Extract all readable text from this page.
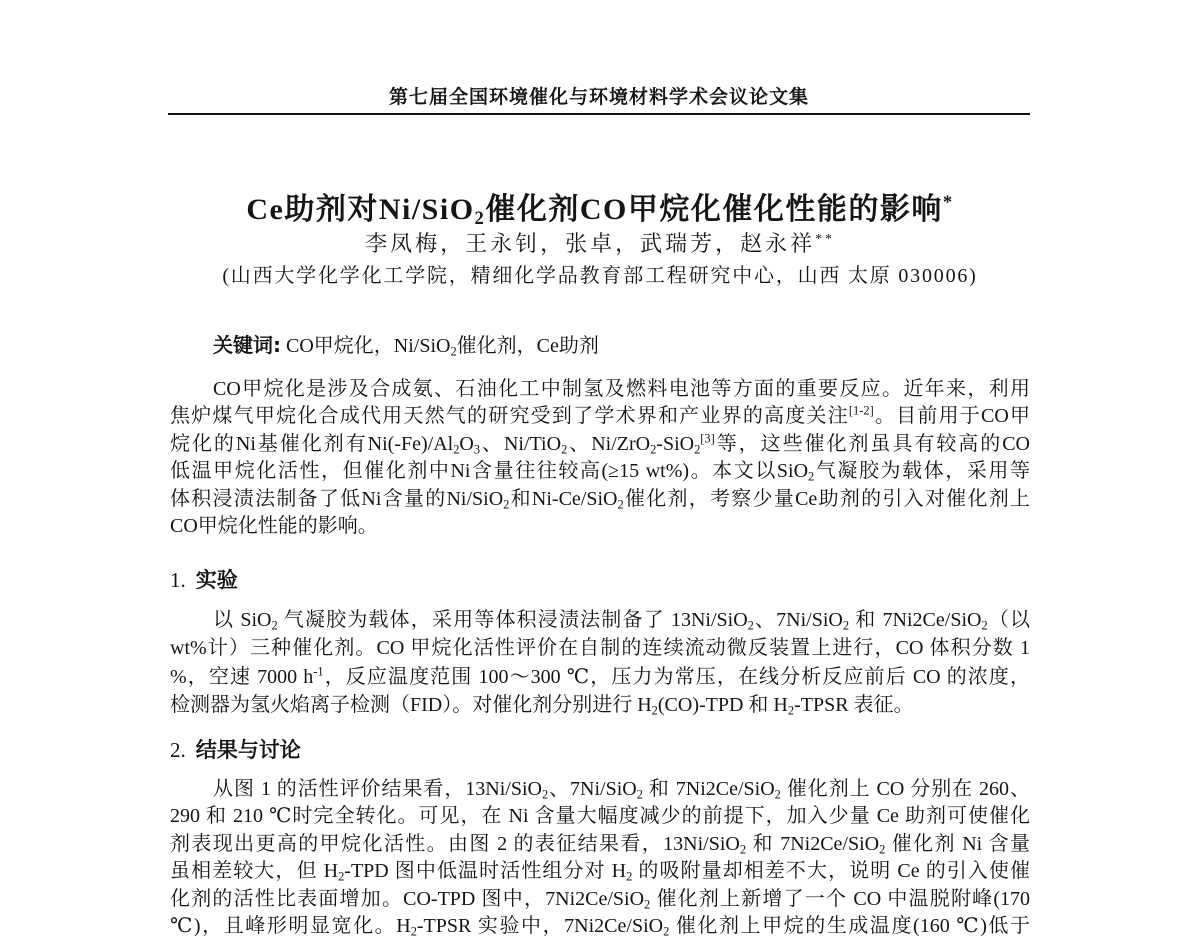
第七届全国环境催化与环境材料学术会议论文集
Ce助剂对Ni/SiO$_2$催化剂CO甲烷化催化性能的影响*
李凤梅，王永钊，张卓，武瑞芳，赵永祥**
(山西大学化学化工学院，精细化学品教育部工程研究中心，山西 太原 030006)
关键词: CO甲烷化，Ni/SiO$_2$催化剂，Ce助剂
CO甲烷化是涉及合成氨、石油化工中制氢及燃料电池等方面的重要反应。近年来，利用
焦炉煤气甲烷化合成代用天然气的研究受到了学术界和产业界的高度关注[1-2]。目前用于CO甲
烷化的Ni基催化剂有$Ni(-Fe)/Al_2O_3$、Ni/TiO$_2$、Ni/ZrO$_2$-SiO$_2$[3]等，这些催化剂虽具有较高的CO
低温甲烷化活性，但催化剂中Ni含量往往较高(≥15 wt%)。本文以SiO$_2$气凝胶为载体，采用等
体积浸渍法制备了低Ni含量的Ni/SiO$_2$和Ni-Ce/SiO$_2$催化剂，考察少量Ce助剂的引入对催化剂上
CO甲烷化性能的影响。
1. 实验
以 SiO$_2$ 气凝胶为载体，采用等体积浸渍法制备了 13Ni/SiO$_2$、7Ni/SiO$_2$ 和 7Ni2Ce/SiO$_2$（以
wt%计）三种催化剂。CO 甲烷化活性评价在自制的连续流动微反装置上进行，CO 体积分数 1
%，空速 7000 $h^{-1}$，反应温度范围 100～300 ℃，压力为常压，在线分析反应前后 CO 的浓度，
检测器为氢火焰离子检测（FID）。对催化剂分别进行 $H_2(CO)$-TPD 和 $H_2$-TPSR 表征。
2. 结果与讨论
从图 1 的活性评价结果看，13Ni/SiO$_2$、7Ni/SiO$_2$ 和 7Ni2Ce/SiO$_2$ 催化剂上 CO 分别在 260、
290 和 210 ℃时完全转化。可见，在 Ni 含量大幅度减少的前提下，加入少量 Ce 助剂可使催化
剂表现出更高的甲烷化活性。由图 2 的表征结果看，13Ni/SiO$_2$ 和 7Ni2Ce/SiO$_2$ 催化剂 Ni 含量
虽相差较大，但 $H_2$-TPD 图中低温时活性组分对 $H_2$ 的吸附量却相差不大，说明 Ce 的引入使催
化剂的活性比表面增加。CO-TPD 图中，7Ni2Ce/SiO$_2$ 催化剂上新增了一个 CO 中温脱附峰(170
℃)，且峰形明显宽化。$H_2$-TPSR 实验中，7Ni2Ce/SiO$_2$ 催化剂上甲烷的生成温度(160 ℃)低于
